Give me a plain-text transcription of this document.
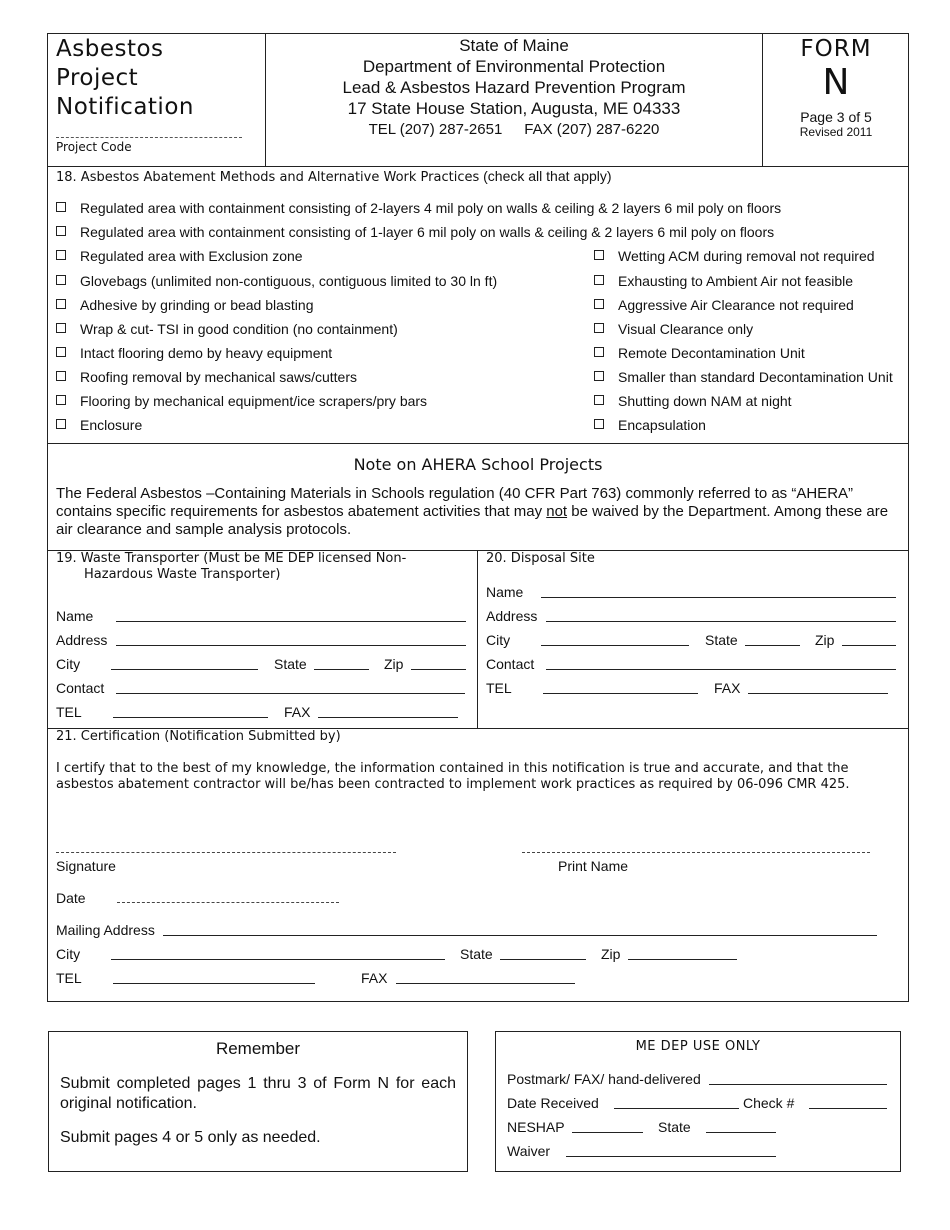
Asbestos
Project
Notification
Project Code
State of Maine
Department of Environmental Protection
Lead & Asbestos Hazard Prevention Program
17 State House Station, Augusta, ME 04333
TEL (207) 287-2651 FAX (207) 287-6220
FORM
N
Page 3 of 5
Revised 2011
18. Asbestos Abatement Methods and Alternative Work Practices (check all that apply)
Regulated area with containment consisting of 2-layers 4 mil poly on walls & ceiling & 2 layers 6 mil poly on floors
Regulated area with containment consisting of 1-layer 6 mil poly on walls & ceiling & 2 layers 6 mil poly on floors
Regulated area with Exclusion zone
Glovebags (unlimited non-contiguous, contiguous limited to 30 ln ft)
Adhesive by grinding or bead blasting
Wrap & cut- TSI in good condition (no containment)
Intact flooring demo by heavy equipment
Roofing removal by mechanical saws/cutters
Flooring by mechanical equipment/ice scrapers/pry bars
Enclosure
Wetting ACM during removal not required
Exhausting to Ambient Air not feasible
Aggressive Air Clearance not required
Visual Clearance only
Remote Decontamination Unit
Smaller than standard Decontamination Unit
Shutting down NAM at night
Encapsulation
Note on AHERA School Projects
The Federal Asbestos –Containing Materials in Schools regulation (40 CFR Part 763) commonly referred to as “AHERA” contains specific requirements for asbestos abatement activities that may not be waived by the Department. Among these are air clearance and sample analysis protocols.
19. Waste Transporter (Must be ME DEP licensed Non-
Hazardous Waste Transporter)
Name
Address
City	State	Zip
Contact
TEL	FAX
20. Disposal Site
Name
Address
City	State	Zip
Contact
TEL	FAX
21. Certification (Notification Submitted by)
I certify that to the best of my knowledge, the information contained in this notification is true and accurate, and that the asbestos abatement contractor will be/has been contracted to implement work practices as required by 06-096 CMR 425.
Signature	Print Name
Date
Mailing Address
City	State	Zip
TEL	FAX
Remember
Submit completed pages 1 thru 3 of Form N for each original notification.
Submit pages 4 or 5 only as needed.
ME DEP USE ONLY
Postmark/ FAX/ hand-delivered
Date Received	Check #
NESHAP	State
Waiver
